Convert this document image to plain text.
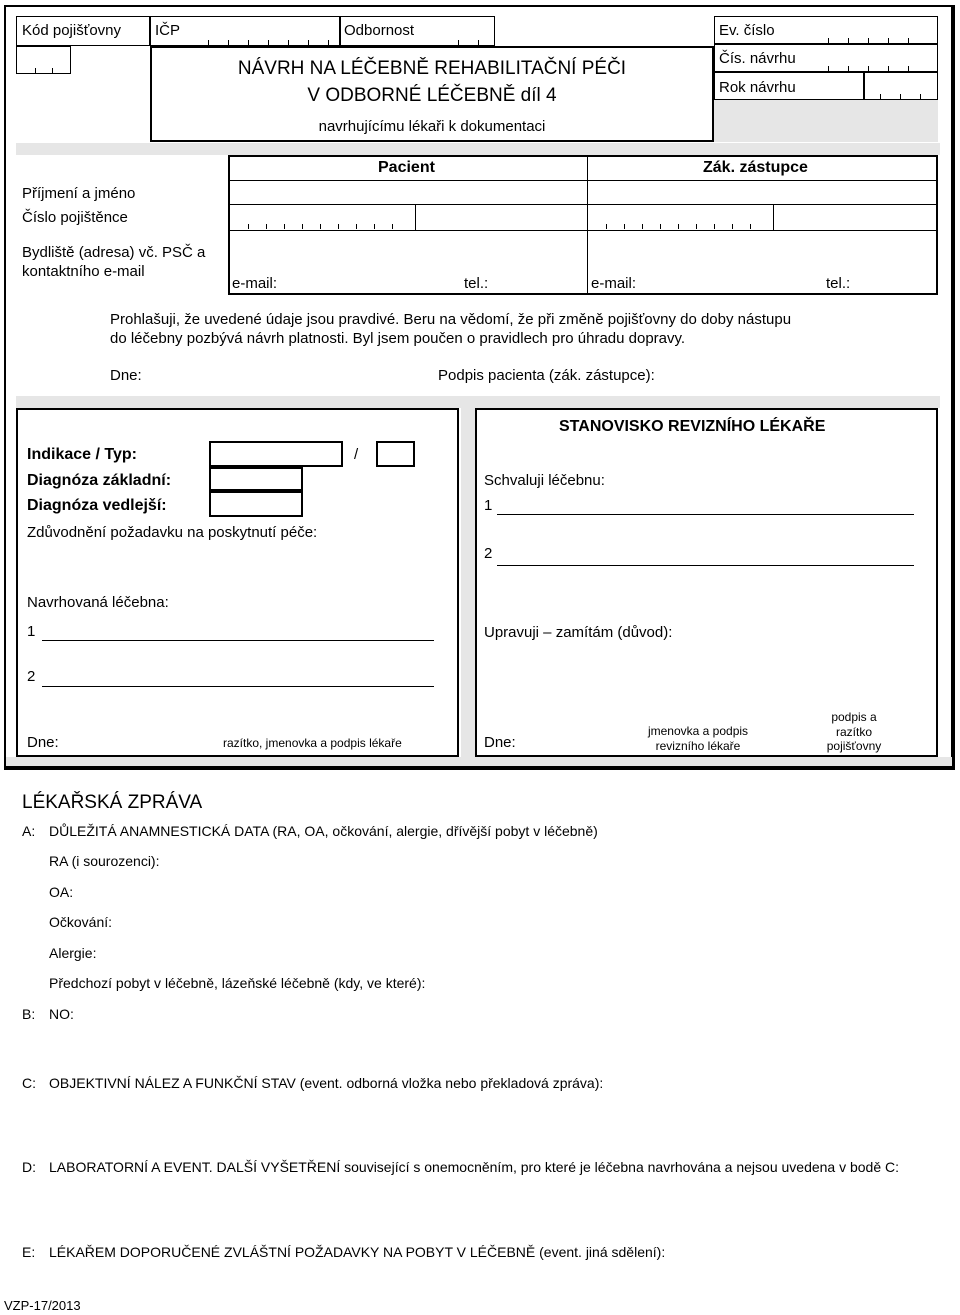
Kód pojišťovny IČP	Odbornost
NÁVRH NA LÉČEBNĚ REHABILITAČNÍ PÉČI
V ODBORNÉ LÉČEBNĚ díl 4
navrhujícímu lékaři k dokumentaci
Ev. číslo
Čís. návrhu
Rok návrhu
Pacient	Zák. zástupce
Příjmení a jméno
Číslo pojištěnce
Bydliště (adresa) vč. PSČ a
kontaktního e-mail
e-mail:	tel.:	e-mail:	tel.:
Prohlašuji, že uvedené údaje jsou pravdivé. Beru na vědomí, že při změně pojišťovny do doby nástupu
do léčebny pozbývá návrh platnosti. Byl jsem poučen o pravidlech pro úhradu dopravy.
Dne:	Podpis pacienta (zák. zástupce):
Indikace / Typ:	/
Diagnóza základní:
Diagnóza vedlejší:
Zdůvodnění požadavku na poskytnutí péče:
Navrhovaná léčebna:
1
2
Dne:	razítko, jmenovka a podpis lékaře
STANOVISKO REVIZNÍHO LÉKAŘE
Schvaluji léčebnu:
1
2
Upravuji – zamítám (důvod):
Dne:
jmenovka a podpis
revizního lékaře
podpis a
razítko
pojišťovny
LÉKAŘSKÁ ZPRÁVA
A: DŮLEŽITÁ ANAMNESTICKÁ DATA (RA, OA, očkování, alergie, dřívější pobyt v léčebně)
RA (i sourozenci):
OA:
Očkování:
Alergie:
Předchozí pobyt v léčebně, lázeňské léčebně (kdy, ve které):
B: NO:
C: OBJEKTIVNÍ NÁLEZ A FUNKČNÍ STAV (event. odborná vložka nebo překladová zpráva):
D: LABORATORNÍ A EVENT. DALŠÍ VYŠETŘENÍ související s onemocněním, pro které je léčebna navrhována a nejsou uvedena v bodě C:
E: LÉKAŘEM DOPORUČENÉ ZVLÁŠTNÍ POŽADAVKY NA POBYT V LÉČEBNĚ (event. jiná sdělení):
VZP-17/2013
